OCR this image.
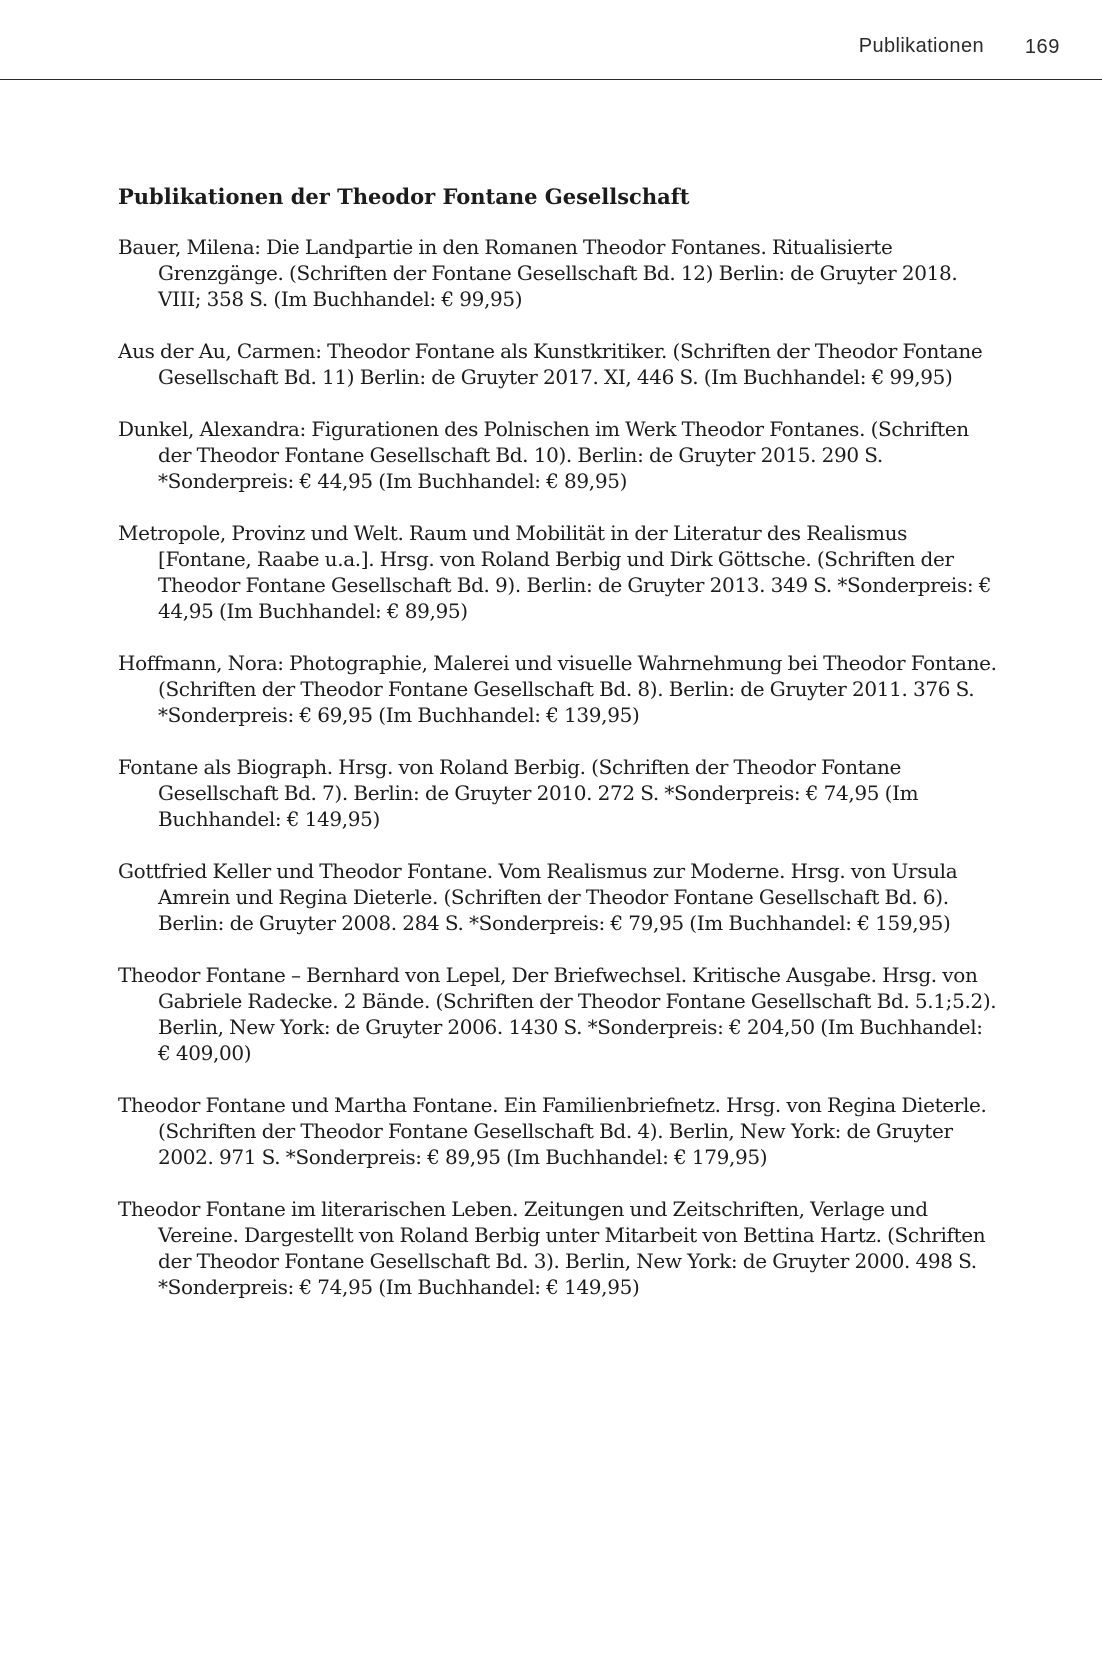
Publikationen 169
Publikationen der Theodor Fontane Gesellschaft
Bauer, Milena: Die Landpartie in den Romanen Theodor Fontanes. Ritualisierte Grenzgänge. (Schriften der Fontane Gesellschaft Bd. 12) Berlin: de Gruyter 2018. VIII; 358 S. (Im Buchhandel: € 99,95)
Aus der Au, Carmen: Theodor Fontane als Kunstkritiker. (Schriften der Theodor Fontane Gesellschaft Bd. 11) Berlin: de Gruyter 2017. XI, 446 S. (Im Buchhandel: € 99,95)
Dunkel, Alexandra: Figurationen des Polnischen im Werk Theodor Fontanes. (Schriften der Theodor Fontane Gesellschaft Bd. 10). Berlin: de Gruyter 2015. 290 S. *Sonderpreis: € 44,95 (Im Buchhandel: € 89,95)
Metropole, Provinz und Welt. Raum und Mobilität in der Literatur des Realismus [Fontane, Raabe u.a.]. Hrsg. von Roland Berbig und Dirk Göttsche. (Schriften der Theodor Fontane Gesellschaft Bd. 9). Berlin: de Gruyter 2013. 349 S. *Sonderpreis: € 44,95 (Im Buchhandel: € 89,95)
Hoffmann, Nora: Photographie, Malerei und visuelle Wahrnehmung bei Theodor Fontane. (Schriften der Theodor Fontane Gesellschaft Bd. 8). Berlin: de Gruyter 2011. 376 S. *Sonderpreis: € 69,95 (Im Buchhandel: € 139,95)
Fontane als Biograph. Hrsg. von Roland Berbig. (Schriften der Theodor Fontane Gesellschaft Bd. 7). Berlin: de Gruyter 2010. 272 S. *Sonderpreis: € 74,95 (Im Buchhandel: € 149,95)
Gottfried Keller und Theodor Fontane. Vom Realismus zur Moderne. Hrsg. von Ursula Amrein und Regina Dieterle. (Schriften der Theodor Fontane Gesellschaft Bd. 6). Berlin: de Gruyter 2008. 284 S. *Sonderpreis: € 79,95 (Im Buchhandel: € 159,95)
Theodor Fontane – Bernhard von Lepel, Der Briefwechsel. Kritische Ausgabe. Hrsg. von Gabriele Radecke. 2 Bände. (Schriften der Theodor Fontane Gesellschaft Bd. 5.1;5.2). Berlin, New York: de Gruyter 2006. 1430 S. *Sonderpreis: € 204,50 (Im Buchhandel: € 409,00)
Theodor Fontane und Martha Fontane. Ein Familienbriefnetz. Hrsg. von Regina Dieterle. (Schriften der Theodor Fontane Gesellschaft Bd. 4). Berlin, New York: de Gruyter 2002. 971 S. *Sonderpreis: € 89,95 (Im Buchhandel: € 179,95)
Theodor Fontane im literarischen Leben. Zeitungen und Zeitschriften, Verlage und Vereine. Dargestellt von Roland Berbig unter Mitarbeit von Bettina Hartz. (Schriften der Theodor Fontane Gesellschaft Bd. 3). Berlin, New York: de Gruyter 2000. 498 S. *Sonderpreis: € 74,95 (Im Buchhandel: € 149,95)
